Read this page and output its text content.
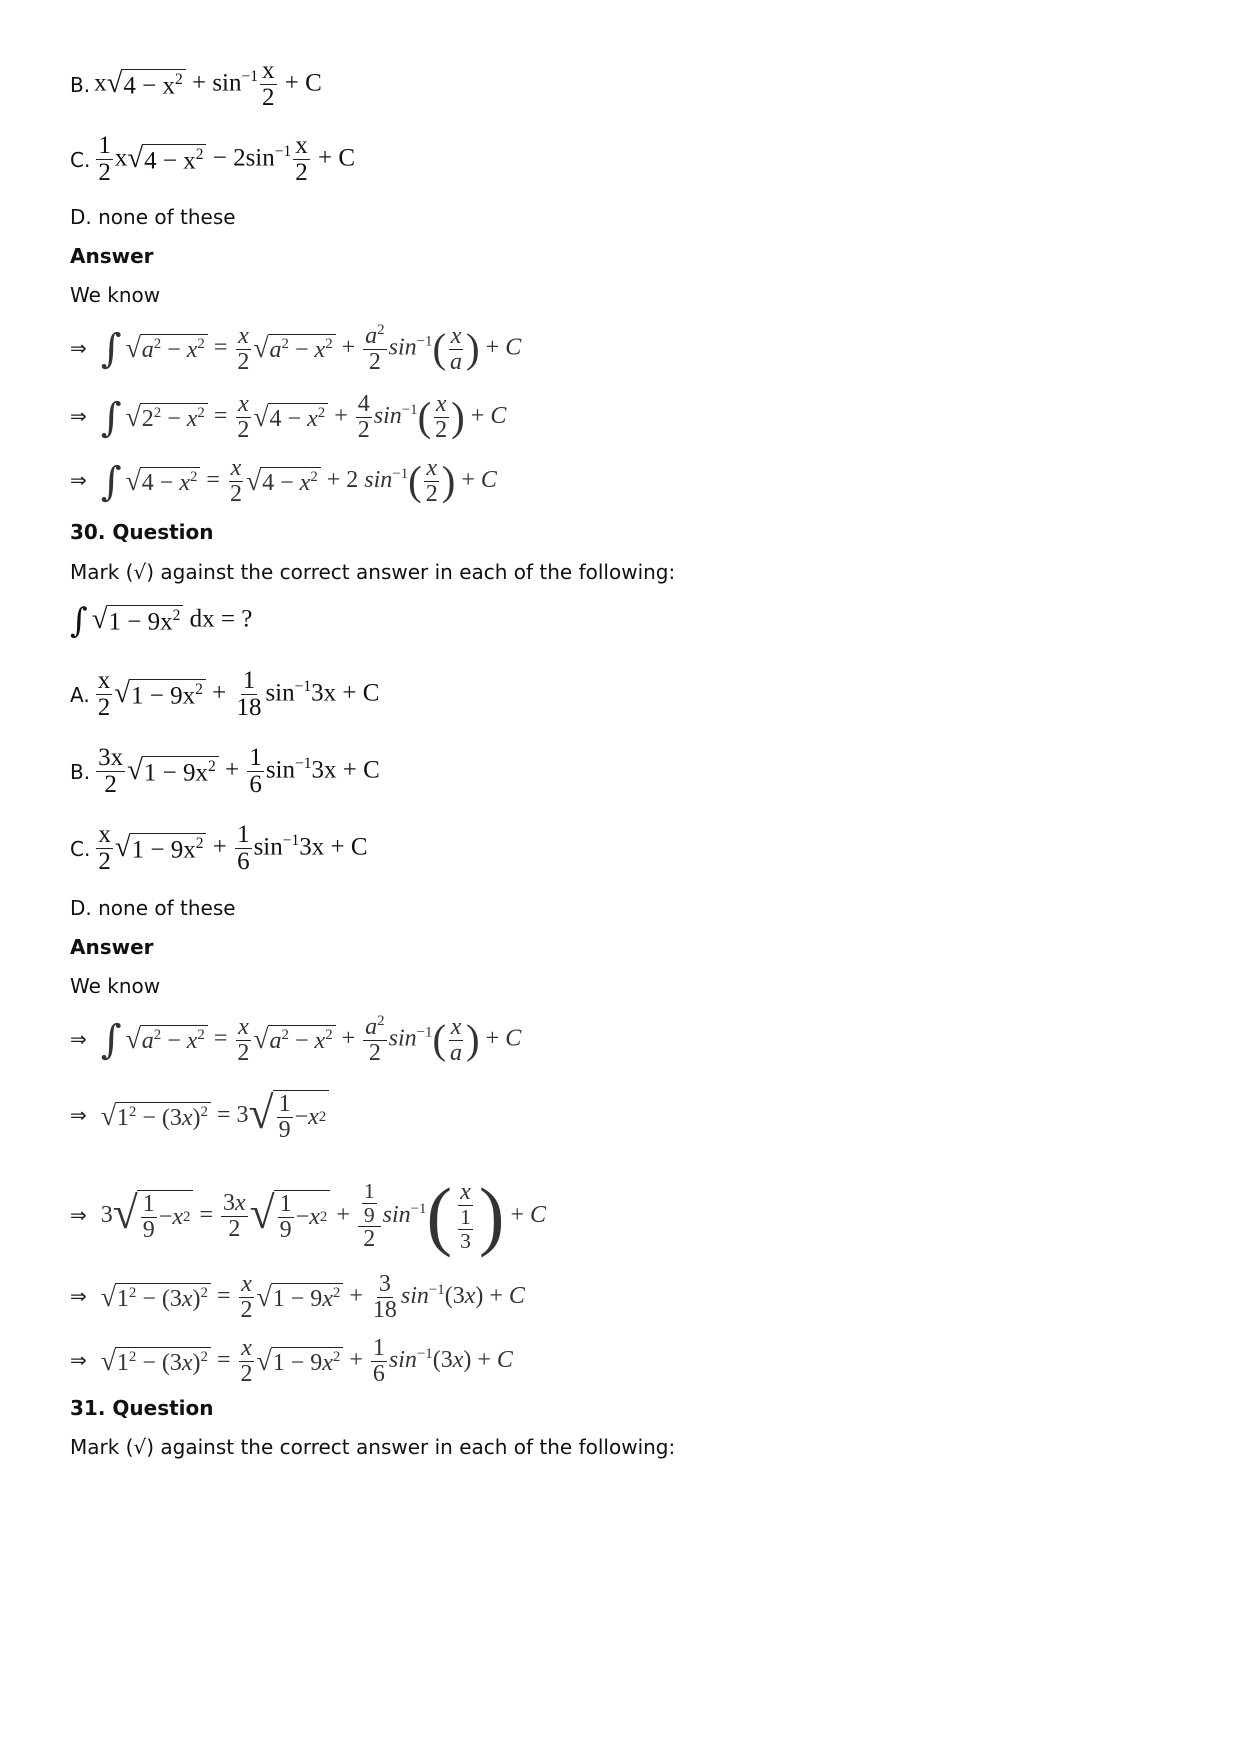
B. x √ $4 - x^2 + \sin^{-1} \frac{x}{2} + C$
C. $\frac{1}{2}$ x √ $4 - x^2 - 2\sin^{-1} \frac{x}{2} + C$
D. none of these
Answer
We know
⇒ ∫ √ $a^2 - x^2 = \frac{x}{2}$ √ $a^2 - x^2 + \frac{a^2}{2} \sin^{-1}( \frac{x}{a}$ ) + C
⇒ ∫ √ $2^2 - x^2 = \frac{x}{2}$ √ $4 - x^2 + \frac{4}{2} \sin^{-1}( \frac{x}{2}$ ) + C
⇒ ∫ √ $4 - x^2 = \frac{x}{2}$ √ $4 - x^2 + 2$ $\sin^{-1}( \frac{x}{2}$ ) + C
30. Question
Mark (√) against the correct answer in each of the following:
∫ √ $1 - 9x^2$ dx = ?
A. $\frac{x}{2}$ √ $1 - 9x^2 + \frac{1}{18} \sin^{-1}3x + C$
B. $\frac{3x}{2}$ √ $1 - 9x^2 + \frac{1}{6} \sin^{-1}3x + C$
C. $\frac{x}{2}$ √ $1 - 9x^2 + \frac{1}{6} \sin^{-1}3x + C$
D. none of these
Answer
We know
⇒ ∫ √ $a^2 - x^2 = \frac{x}{2}$ √ $a^2 - x^2 + \frac{a^2}{2} \sin^{-1}( \frac{x}{a}$ ) + C
⇒ √ $1^2 - (3x)^2 = 3$ √ $\frac{1}{9} - x$ 2
⇒ 3 √ $\frac{1}{9} - x$ $2 = \frac{3x}{2}$ √ $\frac{1}{9} - x$ $2 + \frac{\frac{1}{9}}{2} \sin^{-1}( \frac{x}{\frac{1}{3}}$ ) + C
⇒ √ $1^2 - (3x)^2 = \frac{x}{2}$ √ $1 - 9x^2 + \frac{3}{18} \sin^{-1}(3x) + C$
⇒ √ $1^2 - (3x)^2 = \frac{x}{2}$ √ $1 - 9x^2 + \frac{1}{6} \sin^{-1}(3x) + C$
31. Question
Mark (√) against the correct answer in each of the following:
